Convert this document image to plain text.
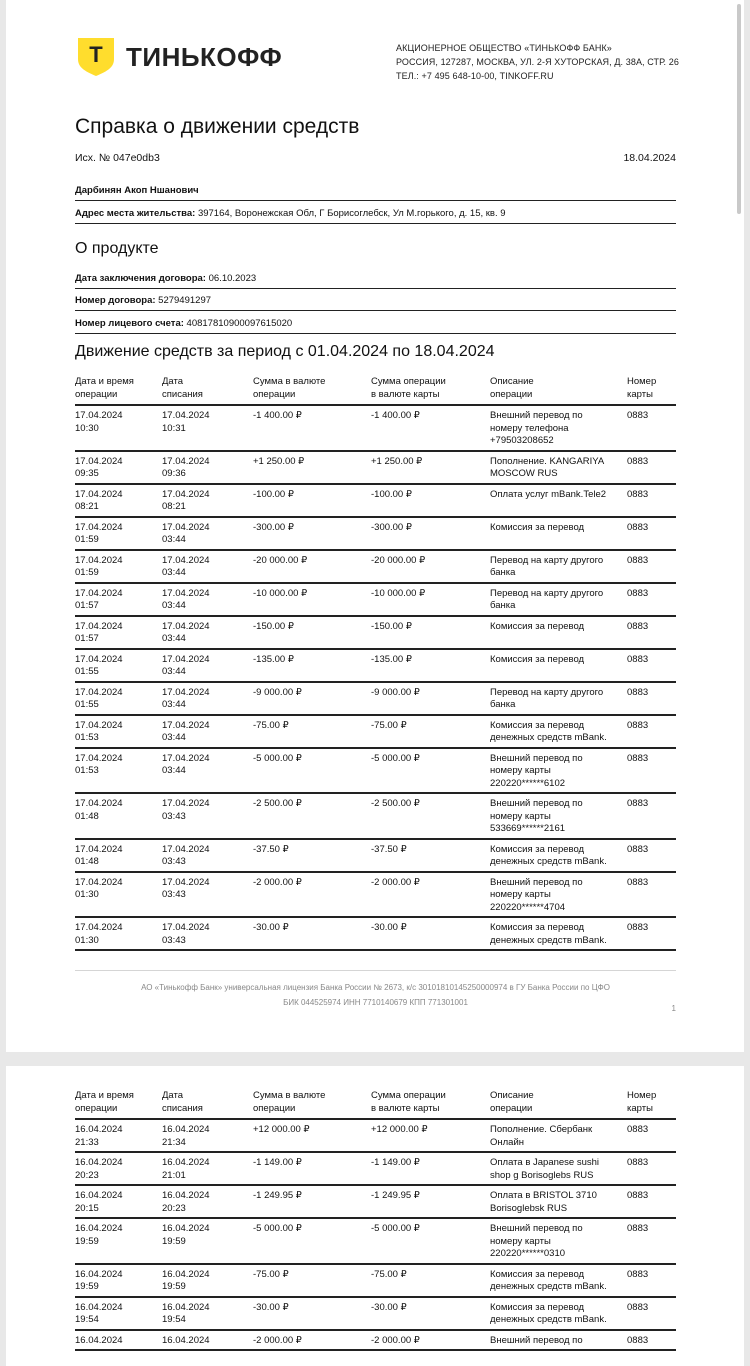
Т ТИНЬКОФФ	АКЦИОНЕРНОЕ ОБЩЕСТВО «ТИНЬКОФФ БАНК»
РОССИЯ, 127287, МОСКВА, УЛ. 2-Я ХУТОРСКАЯ, Д. 38А, СТР. 26
ТЕЛ.: +7 495 648-10-00, TINKOFF.RU
Справка о движении средств
Исх. № 047e0db3	18.04.2024
Дарбинян Акоп Ншанович
Адрес места жительства: 397164, Воронежская Обл, Г Борисоглебск, Ул М.горького, д. 15, кв. 9
О продукте
Дата заключения договора: 06.10.2023
Номер договора: 5279491297
Номер лицевого счета: 40817810900097615020
Движение средств за период с 01.04.2024 по 18.04.2024
Дата и время
операции	Дата
списания	Сумма в валюте
операции	Сумма операции
в валюте карты	Описание
операции	Номер
карты

17.04.2024
10:30	17.04.2024
10:31	-1 400.00 ₽	-1 400.00 ₽	Внешний перевод по
номеру телефона
+79503208652	0883

17.04.2024
09:35	17.04.2024
09:36	+1 250.00 ₽	+1 250.00 ₽	Пополнение. KANGARIYA
MOSCOW RUS	0883

17.04.2024
08:21	17.04.2024
08:21	-100.00 ₽	-100.00 ₽	Оплата услуг mBank.Tele2	0883

17.04.2024
01:59	17.04.2024
03:44	-300.00 ₽	-300.00 ₽	Комиссия за перевод	0883

17.04.2024
01:59	17.04.2024
03:44	-20 000.00 ₽	-20 000.00 ₽	Перевод на карту другого
банка	0883

17.04.2024
01:57	17.04.2024
03:44	-10 000.00 ₽	-10 000.00 ₽	Перевод на карту другого
банка	0883

17.04.2024
01:57	17.04.2024
03:44	-150.00 ₽	-150.00 ₽	Комиссия за перевод	0883

17.04.2024
01:55	17.04.2024
03:44	-135.00 ₽	-135.00 ₽	Комиссия за перевод	0883

17.04.2024
01:55	17.04.2024
03:44	-9 000.00 ₽	-9 000.00 ₽	Перевод на карту другого
банка	0883

17.04.2024
01:53	17.04.2024
03:44	-75.00 ₽	-75.00 ₽	Комиссия за перевод
денежных средств mBank.	0883

17.04.2024
01:53	17.04.2024
03:44	-5 000.00 ₽	-5 000.00 ₽	Внешний перевод по
номеру карты
220220******6102	0883

17.04.2024
01:48	17.04.2024
03:43	-2 500.00 ₽	-2 500.00 ₽	Внешний перевод по
номеру карты
533669******2161	0883

17.04.2024
01:48	17.04.2024
03:43	-37.50 ₽	-37.50 ₽	Комиссия за перевод
денежных средств mBank.	0883

17.04.2024
01:30	17.04.2024
03:43	-2 000.00 ₽	-2 000.00 ₽	Внешний перевод по
номеру карты
220220******4704	0883

17.04.2024
01:30	17.04.2024
03:43	-30.00 ₽	-30.00 ₽	Комиссия за перевод
денежных средств mBank.	0883
АО «Тинькофф Банк» универсальная лицензия Банка России № 2673, к/с 30101810145250000974 в ГУ Банка России по ЦФО
БИК 044525974 ИНН 7710140679 КПП 771301001
1
Дата и время
операции	Дата
списания	Сумма в валюте
операции	Сумма операции
в валюте карты	Описание
операции	Номер
карты

16.04.2024
21:33	16.04.2024
21:34	+12 000.00 ₽	+12 000.00 ₽	Пополнение. Сбербанк
Онлайн	0883

16.04.2024
20:23	16.04.2024
21:01	-1 149.00 ₽	-1 149.00 ₽	Оплата в Japanese sushi
shop g Borisoglebs RUS	0883

16.04.2024
20:15	16.04.2024
20:23	-1 249.95 ₽	-1 249.95 ₽	Оплата в BRISTOL 3710
Borisoglebsk RUS	0883

16.04.2024
19:59	16.04.2024
19:59	-5 000.00 ₽	-5 000.00 ₽	Внешний перевод по
номеру карты
220220******0310	0883

16.04.2024
19:59	16.04.2024
19:59	-75.00 ₽	-75.00 ₽	Комиссия за перевод
денежных средств mBank.	0883

16.04.2024
19:54	16.04.2024
19:54	-30.00 ₽	-30.00 ₽	Комиссия за перевод
денежных средств mBank.	0883

16.04.2024	16.04.2024	-2 000.00 ₽	-2 000.00 ₽	Внешний перевод по	0883
